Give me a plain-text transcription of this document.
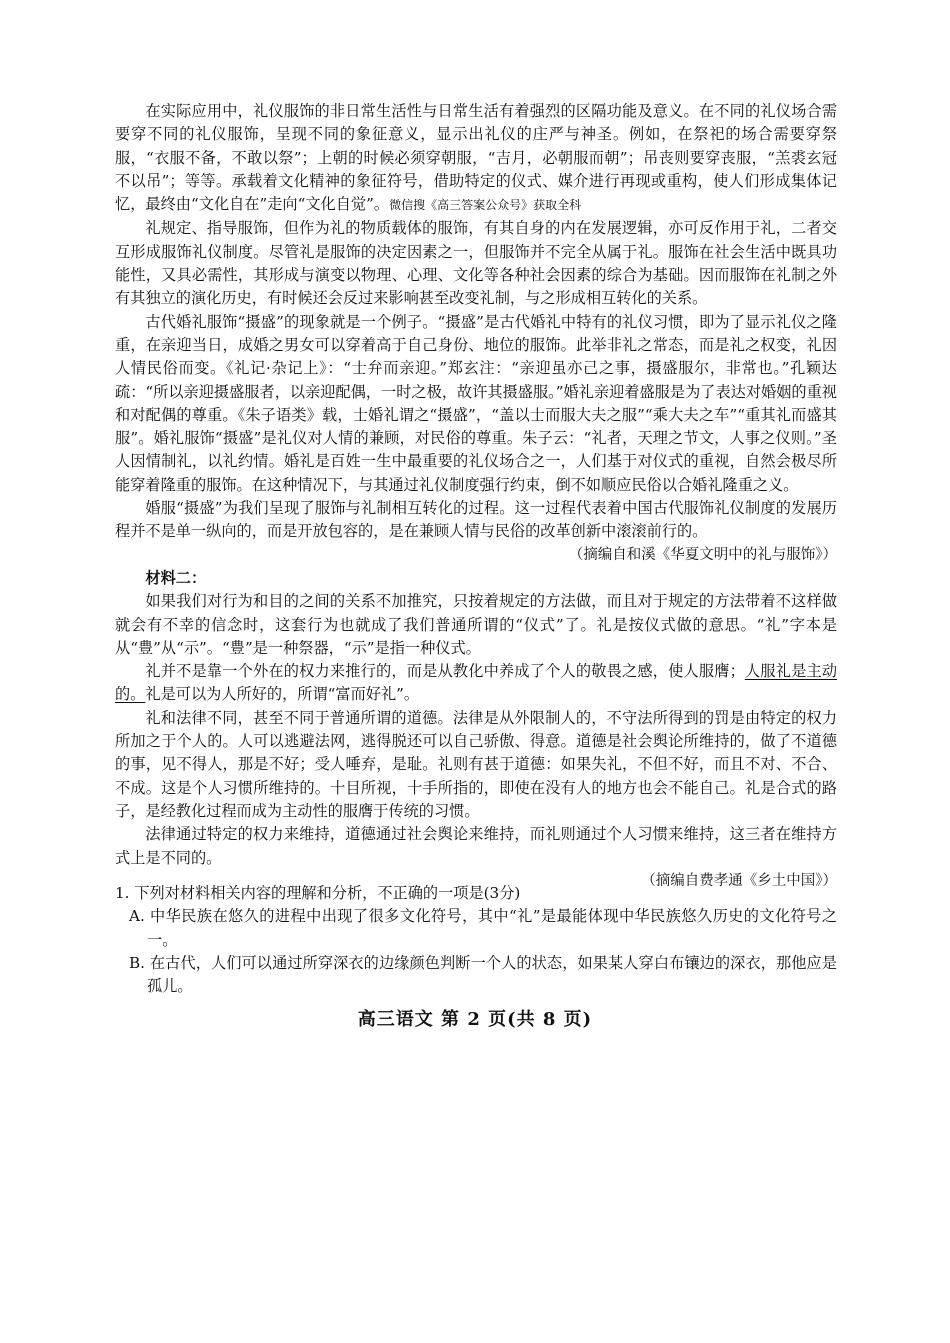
在实际应用中，礼仪服饰的非日常生活性与日常生活有着强烈的区隔功能及意义。在不同的礼仪场合需要穿不同的礼仪服饰，呈现不同的象征意义，显示出礼仪的庄严与神圣。例如，在祭祀的场合需要穿祭服，“衣服不备，不敢以祭”；上朝的时候必须穿朝服，“吉月，必朝服而朝”；吊丧则要穿丧服，“羔裘玄冠不以吊”；等等。承载着文化精神的象征符号，借助特定的仪式、媒介进行再现或重构，使人们形成集体记忆，最终由“文化自在”走向“文化自觉”。微信搜《高三答案公众号》获取全科

礼规定、指导服饰，但作为礼的物质载体的服饰，有其自身的内在发展逻辑，亦可反作用于礼，二者交互形成服饰礼仪制度。尽管礼是服饰的决定因素之一，但服饰并不完全从属于礼。服饰在社会生活中既具功能性，又具必需性，其形成与演变以物理、心理、文化等各种社会因素的综合为基础。因而服饰在礼制之外有其独立的演化历史，有时候还会反过来影响甚至改变礼制，与之形成相互转化的关系。

古代婚礼服饰“摄盛”的现象就是一个例子。“摄盛”是古代婚礼中特有的礼仪习惯，即为了显示礼仪之隆重，在亲迎当日，成婚之男女可以穿着高于自己身份、地位的服饰。此举非礼之常态，而是礼之权变，礼因人情民俗而变。《礼记·杂记上》：“士弁而亲迎。”郑玄注：“亲迎虽亦己之事，摄盛服尔，非常也。”孔颖达疏：“所以亲迎摄盛服者，以亲迎配偶，一时之极，故许其摄盛服。”婚礼亲迎着盛服是为了表达对婚姻的重视和对配偶的尊重。《朱子语类》载，士婚礼谓之“摄盛”，“盖以士而服大夫之服”“乘大夫之车”“重其礼而盛其服”。婚礼服饰“摄盛”是礼仪对人情的兼顾，对民俗的尊重。朱子云：“礼者，天理之节文，人事之仪则。”圣人因情制礼，以礼约情。婚礼是百姓一生中最重要的礼仪场合之一，人们基于对仪式的重视，自然会极尽所能穿着隆重的服饰。在这种情况下，与其通过礼仪制度强行约束，倒不如顺应民俗以合婚礼隆重之义。

婚服“摄盛”为我们呈现了服饰与礼制相互转化的过程。这一过程代表着中国古代服饰礼仪制度的发展历程并不是单一纵向的，而是开放包容的，是在兼顾人情与民俗的改革创新中滚滚前行的。

（摘编自和溪《华夏文明中的礼与服饰》）

材料二：

如果我们对行为和目的之间的关系不加推究，只按着规定的方法做，而且对于规定的方法带着不这样做就会有不幸的信念时，这套行为也就成了我们普通所谓的“仪式”了。礼是按仪式做的意思。“礼”字本是从“豊”从“示”。“豊”是一种祭器，“示”是指一种仪式。

礼并不是靠一个外在的权力来推行的，而是从教化中养成了个人的敬畏之感，使人服膺；人服礼是主动的。礼是可以为人所好的，所谓“富而好礼”。

礼和法律不同，甚至不同于普通所谓的道德。法律是从外限制人的，不守法所得到的罚是由特定的权力所加之于个人的。人可以逃避法网，逃得脱还可以自己骄傲、得意。道德是社会舆论所维持的，做了不道德的事，见不得人，那是不好；受人唾弃，是耻。礼则有甚于道德：如果失礼，不但不好，而且不对、不合、不成。这是个人习惯所维持的。十目所视，十手所指的，即使在没有人的地方也会不能自己。礼是合式的路子，是经教化过程而成为主动性的服膺于传统的习惯。

法律通过特定的权力来维持，道德通过社会舆论来维持，而礼则通过个人习惯来维持，这三者在维持方式上是不同的。

（摘编自费孝通《乡土中国》）

1. 下列对材料相关内容的理解和分析，不正确的一项是(3分)

A. 中华民族在悠久的进程中出现了很多文化符号，其中“礼”是最能体现中华民族悠久历史的文化符号之一。

B. 在古代，人们可以通过所穿深衣的边缘颜色判断一个人的状态，如果某人穿白布镶边的深衣，那他应是孤儿。

高三语文 第 2 页(共 8 页)
